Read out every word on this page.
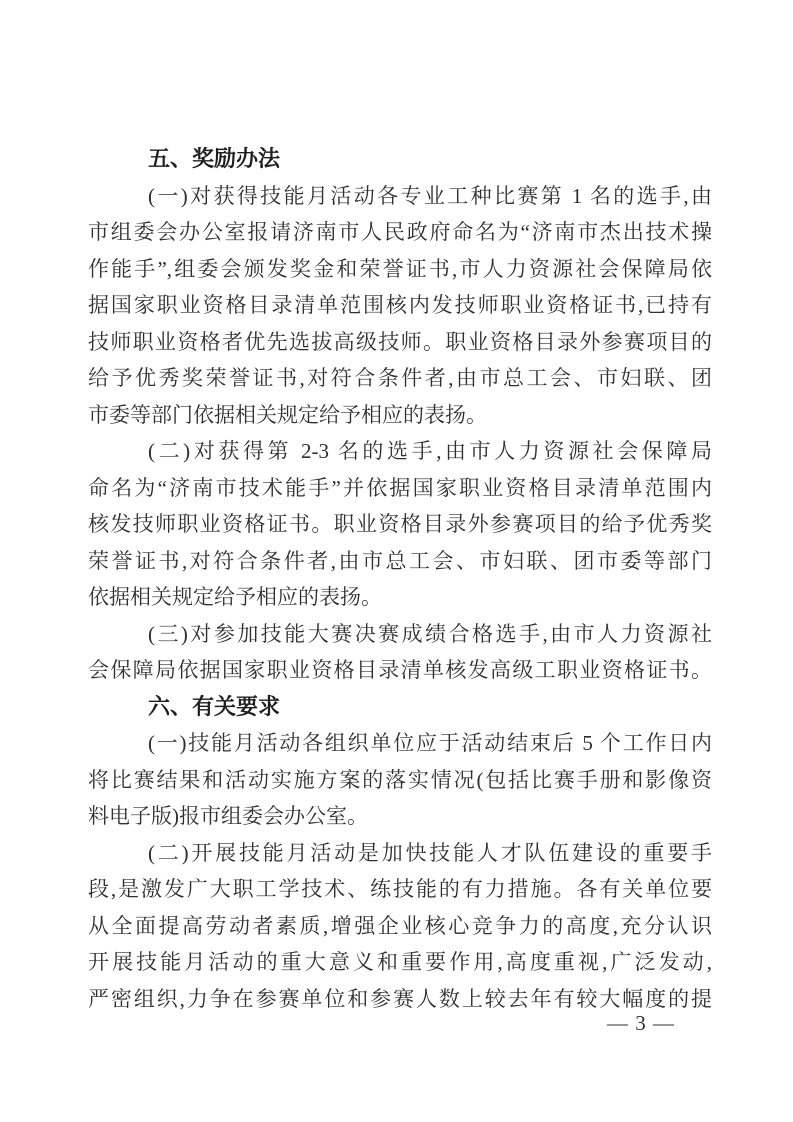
五、奖励办法
(一)对获得技能月活动各专业工种比赛第 1 名的选手,由
市组委会办公室报请济南市人民政府命名为“济南市杰出技术操
作能手”,组委会颁发奖金和荣誉证书,市人力资源社会保障局依
据国家职业资格目录清单范围核内发技师职业资格证书,已持有
技师职业资格者优先选拔高级技师。职业资格目录外参赛项目的
给予优秀奖荣誉证书,对符合条件者,由市总工会、市妇联、团
市委等部门依据相关规定给予相应的表扬。
(二)对获得第 2-3 名的选手,由市人力资源社会保障局
命名为“济南市技术能手”并依据国家职业资格目录清单范围内
核发技师职业资格证书。职业资格目录外参赛项目的给予优秀奖
荣誉证书,对符合条件者,由市总工会、市妇联、团市委等部门
依据相关规定给予相应的表扬。
(三)对参加技能大赛决赛成绩合格选手,由市人力资源社
会保障局依据国家职业资格目录清单核发高级工职业资格证书。
六、有关要求
(一)技能月活动各组织单位应于活动结束后 5 个工作日内
将比赛结果和活动实施方案的落实情况(包括比赛手册和影像资
料电子版)报市组委会办公室。
(二)开展技能月活动是加快技能人才队伍建设的重要手
段,是激发广大职工学技术、练技能的有力措施。各有关单位要
从全面提高劳动者素质,增强企业核心竞争力的高度,充分认识
开展技能月活动的重大意义和重要作用,高度重视,广泛发动,
严密组织,力争在参赛单位和参赛人数上较去年有较大幅度的提
— 3 —
